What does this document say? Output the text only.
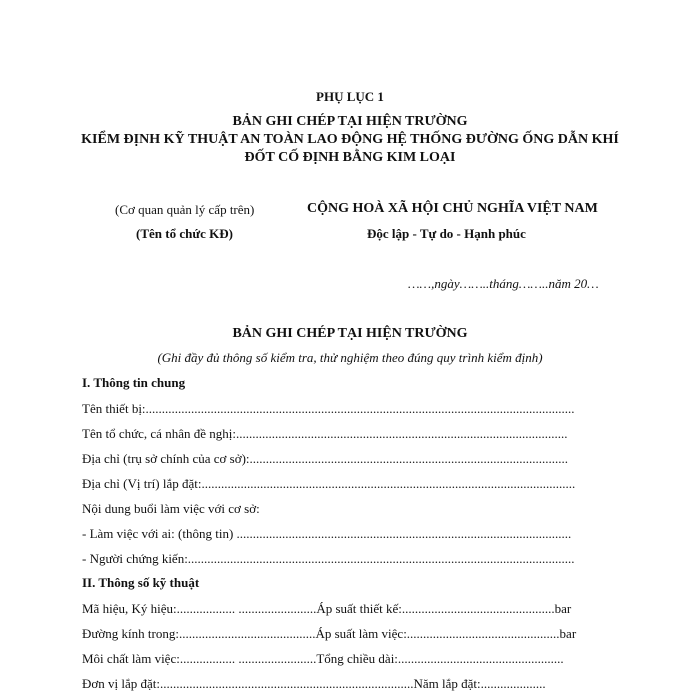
PHỤ LỤC 1
BẢN GHI CHÉP TẠI HIỆN TRƯỜNG
KIỂM ĐỊNH KỸ THUẬT AN TOÀN LAO ĐỘNG HỆ THỐNG ĐƯỜNG ỐNG DẪN KHÍ
ĐỐT CỐ ĐỊNH BẰNG KIM LOẠI
(Cơ quan quản lý cấp trên)
(Tên tổ chức KĐ)
CỘNG HOÀ XÃ HỘI CHỦ NGHĨA VIỆT NAM
Độc lập - Tự do - Hạnh phúc
……,ngày……..tháng……..năm 20…
BẢN GHI CHÉP TẠI HIỆN TRƯỜNG
(Ghi đầy đủ thông số kiểm tra, thử nghiệm theo đúng quy trình kiểm định)
I. Thông tin chung
Tên thiết bị:....................................................................................................................................
Tên tổ chức, cá nhân đề nghị:......................................................................................................
Địa chỉ (trụ sở chính của cơ sở):..................................................................................................
Địa chỉ (Vị trí) lắp đặt:...................................................................................................................
Nội dung buổi làm việc với cơ sở:
- Làm việc với ai: (thông tin) .......................................................................................................
- Người chứng kiến:.......................................................................................................................
II. Thông số kỹ thuật
Mã hiệu, Ký hiệu:.................. ........................Áp suất thiết kế:...............................................bar
Đường kính trong:..........................................Áp suất làm việc:...............................................bar
Môi chất làm việc:................. ........................Tổng chiều dài:...................................................
Đơn vị lắp đặt:..............................................................................Năm lắp đặt:....................
